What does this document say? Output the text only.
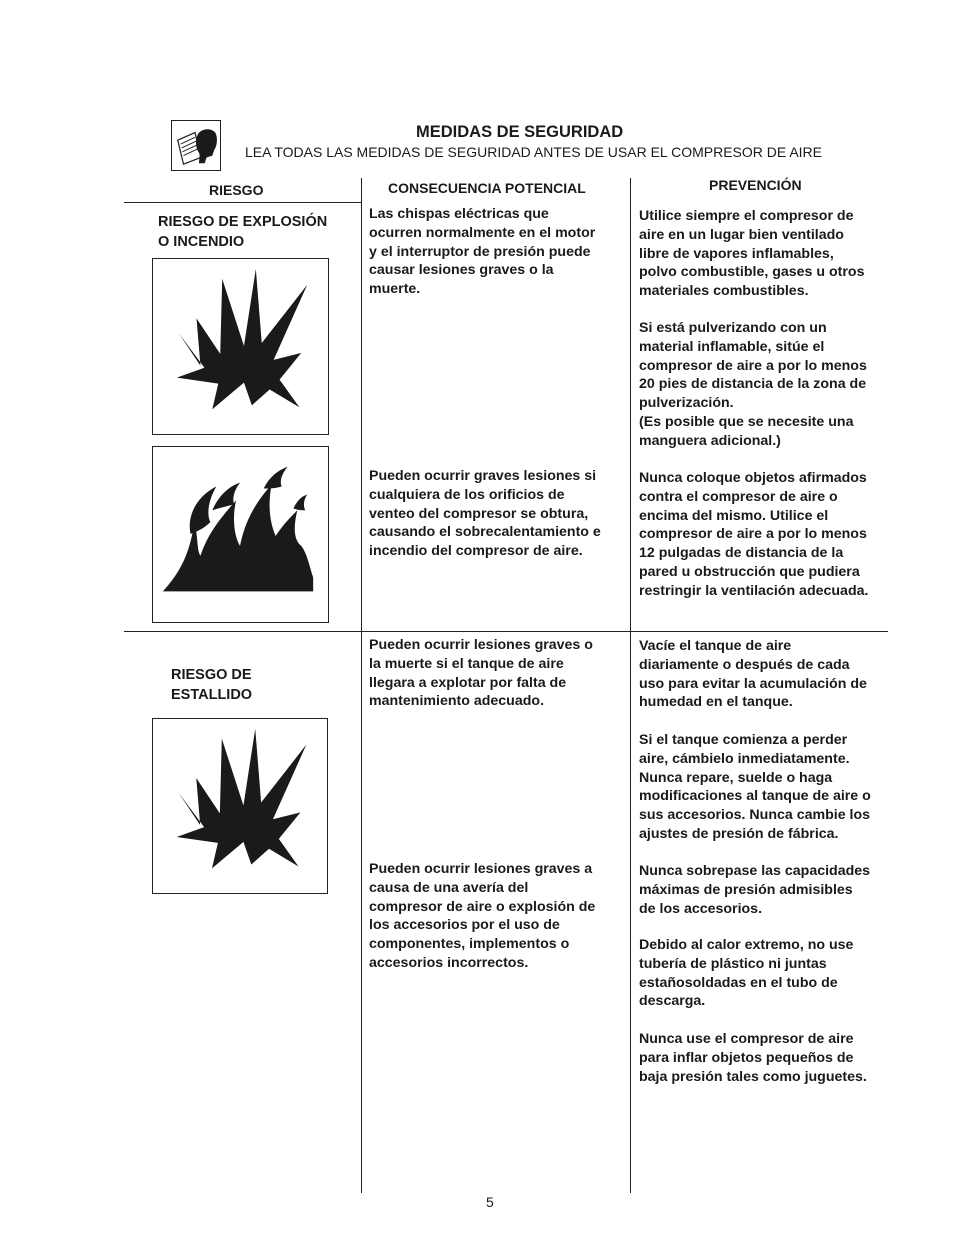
MEDIDAS DE SEGURIDAD
LEA TODAS LAS MEDIDAS DE SEGURIDAD ANTES DE USAR EL COMPRESOR DE AIRE
RIESGO	CONSECUENCIA POTENCIAL	PREVENCIÓN
RIESGO DE EXPLOSIÓN
O INCENDIO

Las chispas eléctricas que
ocurren normalmente en el motor
y el interruptor de presión puede
causar lesiones graves o la
muerte.

Pueden ocurrir graves lesiones si
cualquiera de los orificios de
venteo del compresor se obtura,
causando el sobrecalentamiento e
incendio del compresor de aire.

Utilice siempre el compresor de
aire en un lugar bien ventilado
libre de vapores inflamables,
polvo combustible, gases u otros
materiales combustibles.

Si está pulverizando con un
material inflamable, sitúe el
compresor de aire a por lo menos
20 pies de distancia de la zona de
pulverización.
(Es posible que se necesite una
manguera adicional.)

Nunca coloque objetos afirmados
contra el compresor de aire o
encima del mismo. Utilice el
compresor de aire a por lo menos
12 pulgadas de distancia de la
pared u obstrucción que pudiera
restringir la ventilación adecuada.

RIESGO DE
ESTALLIDO

Pueden ocurrir lesiones graves o
la muerte si el tanque de aire
llegara a explotar por falta de
mantenimiento adecuado.

Pueden ocurrir lesiones graves a
causa de una avería del
compresor de aire o explosión de
los accesorios por el uso de
componentes, implementos o
accesorios incorrectos.

Vacíe el tanque de aire
diariamente o después de cada
uso para evitar la acumulación de
humedad en el tanque.

Si el tanque comienza a perder
aire, cámbielo inmediatamente.
Nunca repare, suelde o haga
modificaciones al tanque de aire o
sus accesorios. Nunca cambie los
ajustes de presión de fábrica.

Nunca sobrepase las capacidades
máximas de presión admisibles
de los accesorios.

Debido al calor extremo, no use
tubería de plástico ni juntas
estañosoldadas en el tubo de
descarga.

Nunca use el compresor de aire
para inflar objetos pequeños de
baja presión tales como juguetes.

5
